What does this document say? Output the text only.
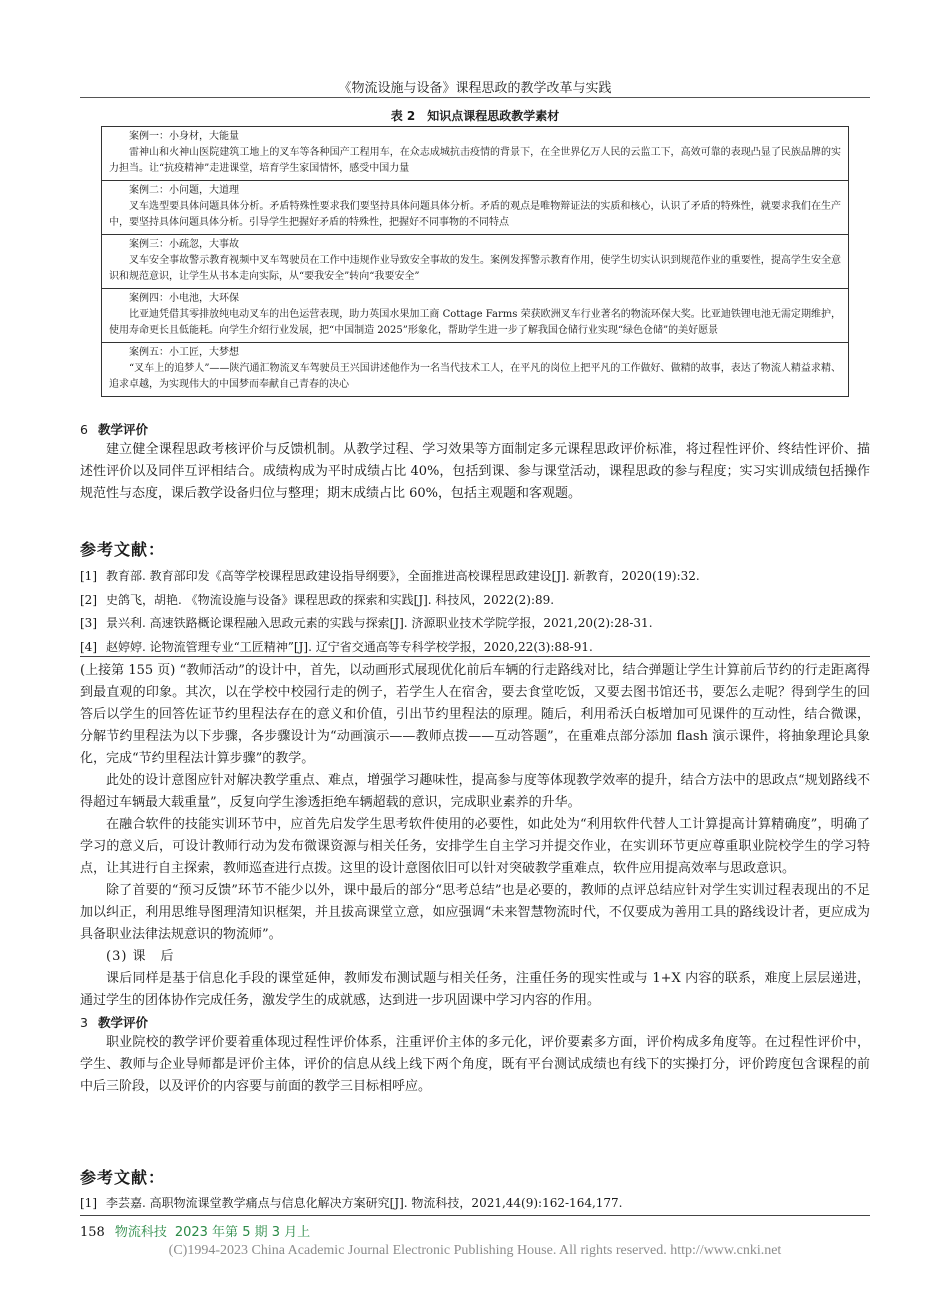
《物流设施与设备》课程思政的教学改革与实践
表 2　知识点课程思政教学素材
案例一：小身材，大能量
雷神山和火神山医院建筑工地上的叉车等各种国产工程用车，在众志成城抗击疫情的背景下，在全世界亿万人民的云监工下，高效可靠的表现凸显了民族品牌的实力担当。让“抗疫精神”走进课堂，培育学生家国情怀，感受中国力量

案例二：小问题，大道理
叉车选型要具体问题具体分析。矛盾特殊性要求我们要坚持具体问题具体分析。矛盾的观点是唯物辩证法的实质和核心，认识了矛盾的特殊性，就要求我们在生产中，要坚持具体问题具体分析。引导学生把握好矛盾的特殊性，把握好不同事物的不同特点

案例三：小疏忽，大事故
叉车安全事故警示教育视频中叉车驾驶员在工作中违规作业导致安全事故的发生。案例发挥警示教育作用，使学生切实认识到规范作业的重要性，提高学生安全意识和规范意识，让学生从书本走向实际，从“要我安全”转向“我要安全”

案例四：小电池，大环保
比亚迪凭借其零排放纯电动叉车的出色运营表现，助力英国水果加工商 Cottage Farms 荣获欧洲叉车行业著名的物流环保大奖。比亚迪铁锂电池无需定期维护，使用寿命更长且低能耗。向学生介绍行业发展，把“中国制造 2025”形象化，帮助学生进一步了解我国仓储行业实现“绿色仓储”的美好愿景

案例五：小工匠，大梦想
“叉车上的追梦人”——陕汽通汇物流叉车驾驶员王兴国讲述他作为一名当代技术工人，在平凡的岗位上把平凡的工作做好、做精的故事，表达了物流人精益求精、追求卓越，为实现伟大的中国梦而奉献自己青春的决心
6 教学评价

建立健全课程思政考核评价与反馈机制。从教学过程、学习效果等方面制定多元课程思政评价标准，将过程性评价、终结性评价、描述性评价以及同伴互评相结合。成绩构成为平时成绩占比 40%，包括到课、参与课堂活动，课程思政的参与程度；实习实训成绩包括操作规范性与态度，课后教学设备归位与整理；期末成绩占比 60%，包括主观题和客观题。

参考文献：
[1] 教育部. 教育部印发《高等学校课程思政建设指导纲要》，全面推进高校课程思政建设[J]. 新教育，2020(19):32.
[2] 史鸽飞，胡艳. 《物流设施与设备》课程思政的探索和实践[J]. 科技风，2022(2):89.
[3] 景兴利. 高速铁路概论课程融入思政元素的实践与探索[J]. 济源职业技术学院学报，2021,20(2):28-31.
[4] 赵婷婷. 论物流管理专业“工匠精神”[J]. 辽宁省交通高等专科学校学报，2020,22(3):88-91.

(上接第 155 页) “教师活动”的设计中，首先，以动画形式展现优化前后车辆的行走路线对比，结合弹题让学生计算前后节约的行走距离得到最直观的印象。其次，以在学校中校园行走的例子，若学生人在宿舍，要去食堂吃饭，又要去图书馆还书，要怎么走呢？得到学生的回答后以学生的回答佐证节约里程法存在的意义和价值，引出节约里程法的原理。随后，利用希沃白板增加可见课件的互动性，结合微课，分解节约里程法为以下步骤，各步骤设计为“动画演示——教师点拨——互动答题”，在重难点部分添加 flash 演示课件，将抽象理论具象化，完成“节约里程法计算步骤”的教学。

此处的设计意图应针对解决教学重点、难点，增强学习趣味性，提高参与度等体现教学效率的提升，结合方法中的思政点“规划路线不得超过车辆最大载重量”，反复向学生渗透拒绝车辆超载的意识，完成职业素养的升华。

在融合软件的技能实训环节中，应首先启发学生思考软件使用的必要性，如此处为“利用软件代替人工计算提高计算精确度”，明确了学习的意义后，可设计教师行动为发布微课资源与相关任务，安排学生自主学习并提交作业，在实训环节更应尊重职业院校学生的学习特点，让其进行自主探索，教师巡查进行点拨。这里的设计意图依旧可以针对突破教学重难点，软件应用提高效率与思政意识。

除了首要的“预习反馈”环节不能少以外，课中最后的部分“思考总结”也是必要的，教师的点评总结应针对学生实训过程表现出的不足加以纠正，利用思维导图理清知识框架，并且拔高课堂立意，如应强调“未来智慧物流时代，不仅要成为善用工具的路线设计者，更应成为具备职业法律法规意识的物流师”。

(3) 课　后

课后同样是基于信息化手段的课堂延伸，教师发布测试题与相关任务，注重任务的现实性或与 1+X 内容的联系，难度上层层递进，通过学生的团体协作完成任务，激发学生的成就感，达到进一步巩固课中学习内容的作用。

3 教学评价

职业院校的教学评价要着重体现过程性评价体系，注重评价主体的多元化，评价要素多方面，评价构成多角度等。在过程性评价中，学生、教师与企业导师都是评价主体，评价的信息从线上线下两个角度，既有平台测试成绩也有线下的实操打分，评价跨度包含课程的前中后三阶段，以及评价的内容要与前面的教学三目标相呼应。

参考文献：
[1] 李芸嘉. 高职物流课堂教学痛点与信息化解决方案研究[J]. 物流科技，2021,44(9):162-164,177.
158 物流科技 2023 年第 5 期 3 月上
(C)1994-2023 China Academic Journal Electronic Publishing House. All rights reserved. http://www.cnki.net
